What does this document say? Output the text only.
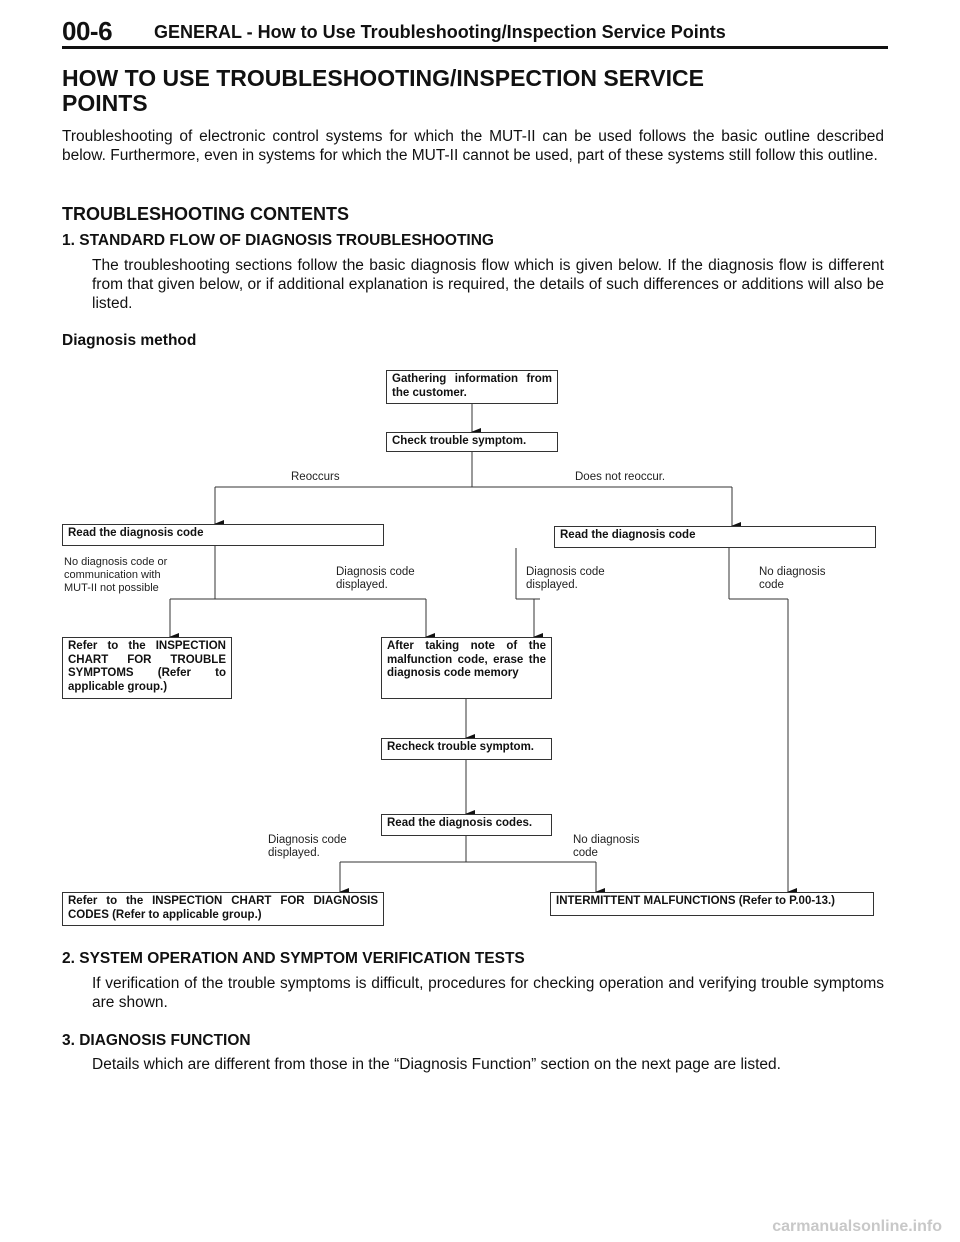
00-6 GENERAL - How to Use Troubleshooting/Inspection Service Points
HOW TO USE TROUBLESHOOTING/INSPECTION SERVICE
POINTS
Troubleshooting of electronic control systems for which the MUT-II can be used follows the basic outline described below. Furthermore, even in systems for which the MUT-II cannot be used, part of these systems still follow this outline.
TROUBLESHOOTING CONTENTS
1. STANDARD FLOW OF DIAGNOSIS TROUBLESHOOTING
The troubleshooting sections follow the basic diagnosis flow which is given below. If the diagnosis flow is different from that given below, or if additional explanation is required, the details of such differences or additions will also be listed.
Diagnosis method
Gathering information from the customer.
Check trouble symptom.
Reoccurs	Does not reoccur.
Read the diagnosis code	Read the diagnosis code
No diagnosis code or communication with MUT-II not possible
Diagnosis code displayed.
Diagnosis code displayed.
No diagnosis code
Refer to the INSPECTION CHART FOR TROUBLE SYMPTOMS (Refer to applicable group.)
After taking note of the malfunction code, erase the diagnosis code memory
Recheck trouble symptom.
Read the diagnosis codes.
Diagnosis code displayed.
No diagnosis code
Refer to the INSPECTION CHART FOR DIAGNOSIS CODES (Refer to applicable group.)
INTERMITTENT MALFUNCTIONS (Refer to P.00-13.)
2. SYSTEM OPERATION AND SYMPTOM VERIFICATION TESTS
If verification of the trouble symptoms is difficult, procedures for checking operation and verifying trouble symptoms are shown.
3. DIAGNOSIS FUNCTION
Details which are different from those in the “Diagnosis Function” section on the next page are listed.
carmanualsonline.info
